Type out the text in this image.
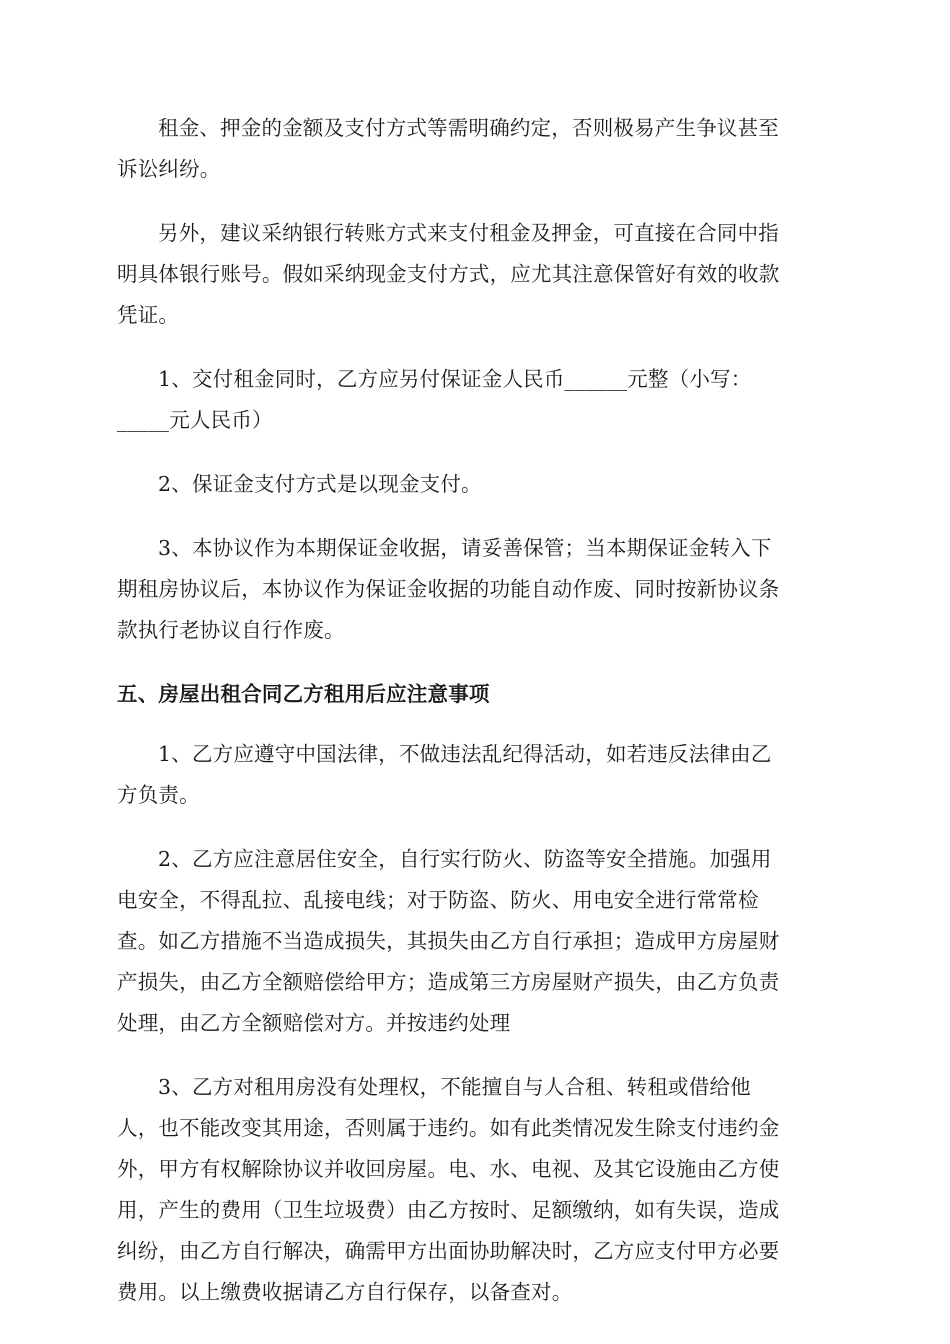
租金、押金的金额及支付方式等需明确约定，否则极易产生争议甚至
诉讼纠纷。
另外，建议采纳银行转账方式来支付租金及押金，可直接在合同中指
明具体银行账号。假如采纳现金支付方式，应尤其注意保管好有效的收款
凭证。
1、交付租金同时，乙方应另付保证金人民币______元整（小写：
_____元人民币）
2、保证金支付方式是以现金支付。
3、本协议作为本期保证金收据，请妥善保管；当本期保证金转入下
期租房协议后，本协议作为保证金收据的功能自动作废、同时按新协议条
款执行老协议自行作废。
五、房屋出租合同乙方租用后应注意事项
1、乙方应遵守中国法律，不做违法乱纪得活动，如若违反法律由乙
方负责。
2、乙方应注意居住安全，自行实行防火、防盗等安全措施。加强用
电安全，不得乱拉、乱接电线；对于防盗、防火、用电安全进行常常检
查。如乙方措施不当造成损失，其损失由乙方自行承担；造成甲方房屋财
产损失，由乙方全额赔偿给甲方；造成第三方房屋财产损失，由乙方负责
处理，由乙方全额赔偿对方。并按违约处理
3、乙方对租用房没有处理权，不能擅自与人合租、转租或借给他
人，也不能改变其用途，否则属于违约。如有此类情况发生除支付违约金
外，甲方有权解除协议并收回房屋。电、水、电视、及其它设施由乙方使
用，产生的费用（卫生垃圾费）由乙方按时、足额缴纳，如有失误，造成
纠纷，由乙方自行解决，确需甲方出面协助解决时，乙方应支付甲方必要
费用。以上缴费收据请乙方自行保存，以备查对。
